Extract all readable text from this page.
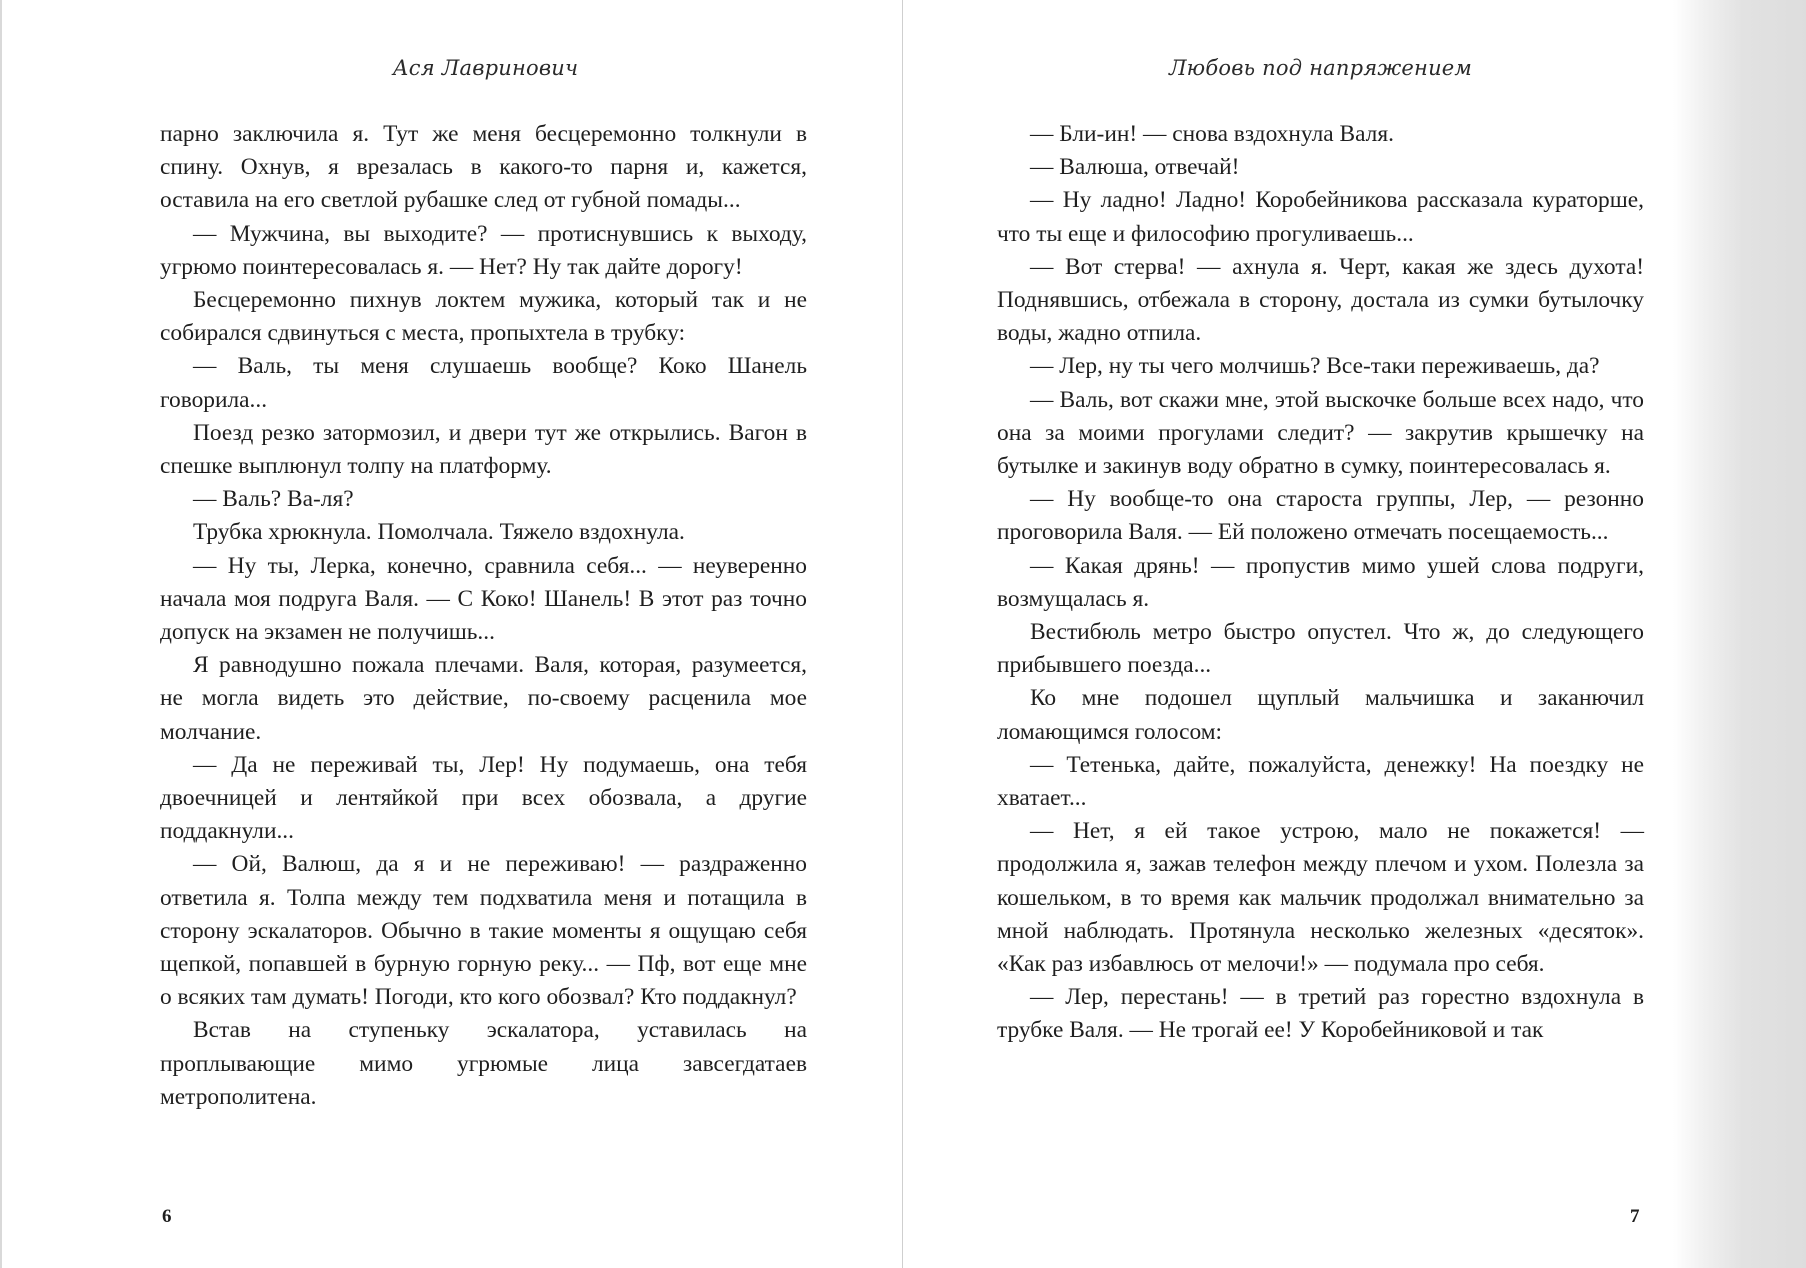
Ася Лавринович

парно заключила я. Тут же меня бесцеремонно толкнули в спину. Охнув, я врезалась в какого-то парня и, кажется, оставила на его светлой рубашке след от губной помады...

— Мужчина, вы выходите? — протиснувшись к выходу, угрюмо поинтересовалась я. — Нет? Ну так дайте дорогу!

Бесцеремонно пихнув локтем мужика, который так и не собирался сдвинуться с места, пропыхтела в трубку:

— Валь, ты меня слушаешь вообще? Коко Шанель говорила...

Поезд резко затормозил, и двери тут же открылись. Вагон в спешке выплюнул толпу на платформу.

— Валь? Ва-ля?

Трубка хрюкнула. Помолчала. Тяжело вздохнула.

— Ну ты, Лерка, конечно, сравнила себя... — неуверенно начала моя подруга Валя. — С Коко! Шанель! В этот раз точно допуск на экзамен не получишь...

Я равнодушно пожала плечами. Валя, которая, разумеется, не могла видеть это действие, по-своему расценила мое молчание.

— Да не переживай ты, Лер! Ну подумаешь, она тебя двоечницей и лентяйкой при всех обозвала, а другие поддакнули...

— Ой, Валюш, да я и не переживаю! — раздраженно ответила я. Толпа между тем подхватила меня и потащила в сторону эскалаторов. Обычно в такие моменты я ощущаю себя щепкой, попавшей в бурную горную реку... — Пф, вот еще мне о всяких там думать! Погоди, кто кого обозвал? Кто поддакнул?

Встав на ступеньку эскалатора, уставилась на проплывающие мимо угрюмые лица завсегдатаев метрополитена.

6
Любовь под напряжением

— Бли-ин! — снова вздохнула Валя.

— Валюша, отвечай!

— Ну ладно! Ладно! Коробейникова рассказала кураторше, что ты еще и философию прогуливаешь...

— Вот стерва! — ахнула я. Черт, какая же здесь духота! Поднявшись, отбежала в сторону, достала из сумки бутылочку воды, жадно отпила.

— Лер, ну ты чего молчишь? Все-таки переживаешь, да?

— Валь, вот скажи мне, этой выскочке больше всех надо, что она за моими прогулами следит? — закрутив крышечку на бутылке и закинув воду обратно в сумку, поинтересовалась я.

— Ну вообще-то она староста группы, Лер, — резонно проговорила Валя. — Ей положено отмечать посещаемость...

— Какая дрянь! — пропустив мимо ушей слова подруги, возмущалась я.

Вестибюль метро быстро опустел. Что ж, до следующего прибывшего поезда...

Ко мне подошел щуплый мальчишка и заканючил ломающимся голосом:

— Тетенька, дайте, пожалуйста, денежку! На поездку не хватает...

— Нет, я ей такое устрою, мало не покажется! — продолжила я, зажав телефон между плечом и ухом. Полезла за кошельком, в то время как мальчик продолжал внимательно за мной наблюдать. Протянула несколько железных «десяток». «Как раз избавлюсь от мелочи!» — подумала про себя.

— Лер, перестань! — в третий раз горестно вздохнула в трубке Валя. — Не трогай ее! У Коробейниковой и так

7
